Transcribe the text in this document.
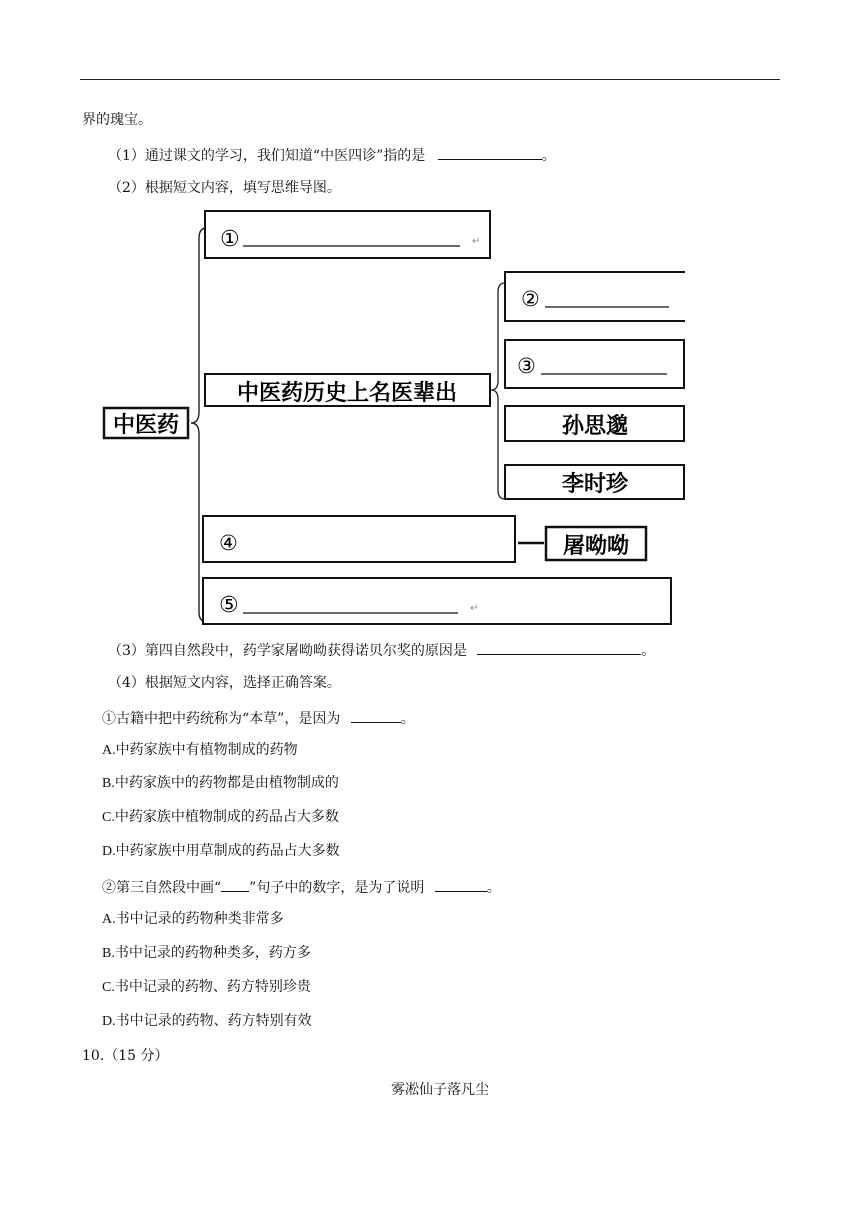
界的瑰宝。
（1）通过课文的学习，我们知道“中医四诊”指的是	。
（2）根据短文内容，填写思维导图。
中医药
①	↵
中医药历史上名医辈出
②
③
孙思邈
李时珍
④	屠呦呦
⑤	↵
（3）第四自然段中，药学家屠呦呦获得诺贝尔奖的原因是	。
（4）根据短文内容，选择正确答案。
①古籍中把中药统称为“本草”，是因为	。
A.中药家族中有植物制成的药物
B.中药家族中的药物都是由植物制成的
C.中药家族中植物制成的药品占大多数
D.中药家族中用草制成的药品占大多数
②第三自然段中画“ ”句子中的数字，是为了说明	。
A.书中记录的药物种类非常多
B.书中记录的药物种类多，药方多
C.书中记录的药物、药方特别珍贵
D.书中记录的药物、药方特别有效
10.（15 分）
雾凇仙子落凡尘
